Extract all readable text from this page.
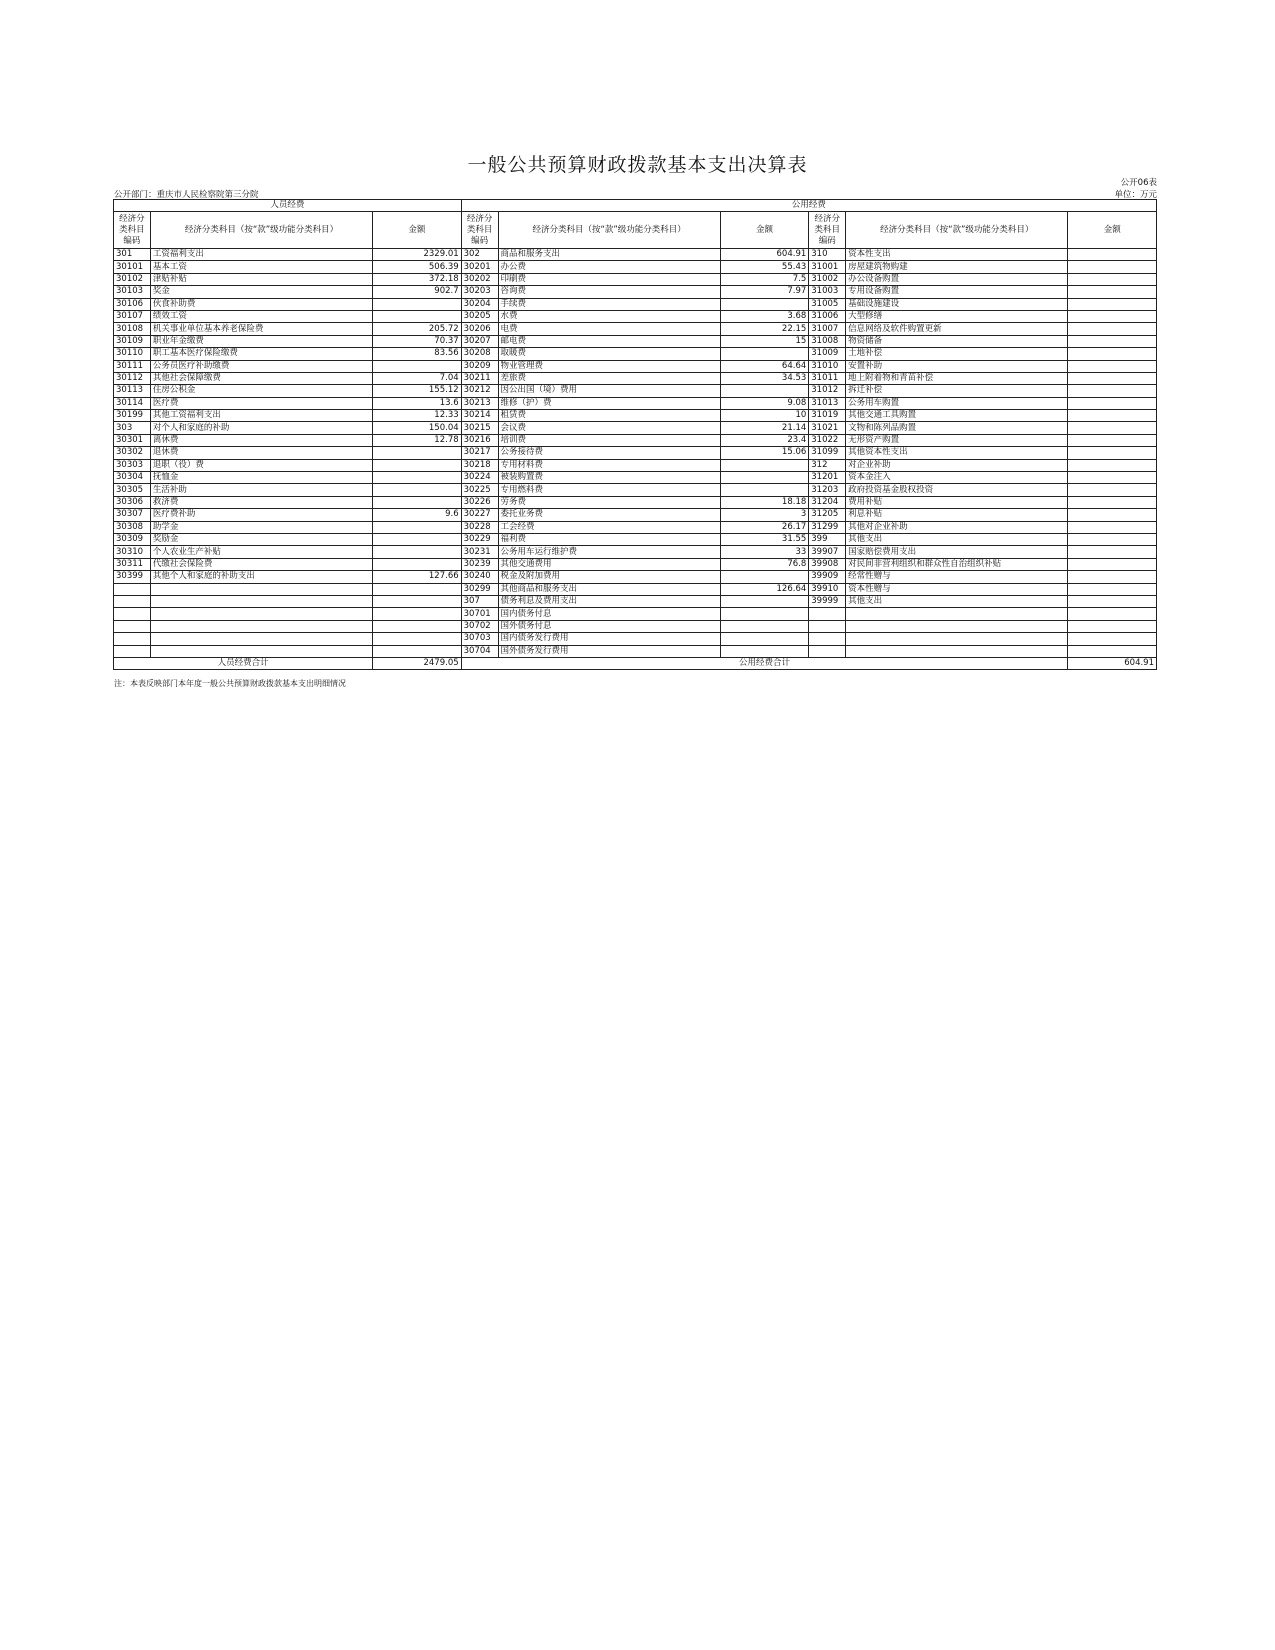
一般公共预算财政拨款基本支出决算表
公开06表
公开部门：重庆市人民检察院第三分院	单位：万元
人员经费			公用经费					
经济分类科目编码	经济分类科目（按“款”级功能分类科目）	金额	经济分类科目编码	经济分类科目（按“款”级功能分类科目）	金额	经济分类科目编码	经济分类科目（按“款”级功能分类科目）	金额
301	工资福利支出	2329.01	302	商品和服务支出	604.91	310	资本性支出	
30101	基本工资	506.39	30201	办公费	55.43	31001	房屋建筑物购建	
30102	津贴补贴	372.18	30202	印刷费	7.5	31002	办公设备购置	
30103	奖金	902.7	30203	咨询费	7.97	31003	专用设备购置	
30106	伙食补助费		30204	手续费		31005	基础设施建设	
30107	绩效工资		30205	水费	3.68	31006	大型修缮	
30108	机关事业单位基本养老保险费	205.72	30206	电费	22.15	31007	信息网络及软件购置更新	
30109	职业年金缴费	70.37	30207	邮电费	15	31008	物资储备	
30110	职工基本医疗保险缴费	83.56	30208	取暖费		31009	土地补偿	
30111	公务员医疗补助缴费		30209	物业管理费	64.64	31010	安置补助	
30112	其他社会保障缴费	7.04	30211	差旅费	34.53	31011	地上附着物和青苗补偿	
30113	住房公积金	155.12	30212	因公出国（境）费用		31012	拆迁补偿	
30114	医疗费	13.6	30213	维修（护）费	9.08	31013	公务用车购置	
30199	其他工资福利支出	12.33	30214	租赁费	10	31019	其他交通工具购置	
303	对个人和家庭的补助	150.04	30215	会议费	21.14	31021	文物和陈列品购置	
30301	离休费	12.78	30216	培训费	23.4	31022	无形资产购置	
30302	退休费		30217	公务接待费	15.06	31099	其他资本性支出	
30303	退职（役）费		30218	专用材料费		312	对企业补助	
30304	抚恤金		30224	被装购置费		31201	资本金注入	
30305	生活补助		30225	专用燃料费		31203	政府投资基金股权投资	
30306	救济费		30226	劳务费	18.18	31204	费用补贴	
30307	医疗费补助	9.6	30227	委托业务费	3	31205	利息补贴	
30308	助学金		30228	工会经费	26.17	31299	其他对企业补助	
30309	奖励金		30229	福利费	31.55	399	其他支出	
30310	个人农业生产补贴		30231	公务用车运行维护费	33	39907	国家赔偿费用支出	
30311	代缴社会保险费		30239	其他交通费用	76.8	39908	对民间非营利组织和群众性自治组织补贴	
30399	其他个人和家庭的补助支出	127.66	30240	税金及附加费用		39909	经常性赠与	
			30299	其他商品和服务支出	126.64	39910	资本性赠与	
			307	债务利息及费用支出		39999	其他支出	
			30701	国内债务付息				
			30702	国外债务付息				
			30703	国内债务发行费用				
			30704	国外债务发行费用				
人员经费合计		2479.05	公用经费合计					604.91
注：本表反映部门本年度一般公共预算财政拨款基本支出明细情况
